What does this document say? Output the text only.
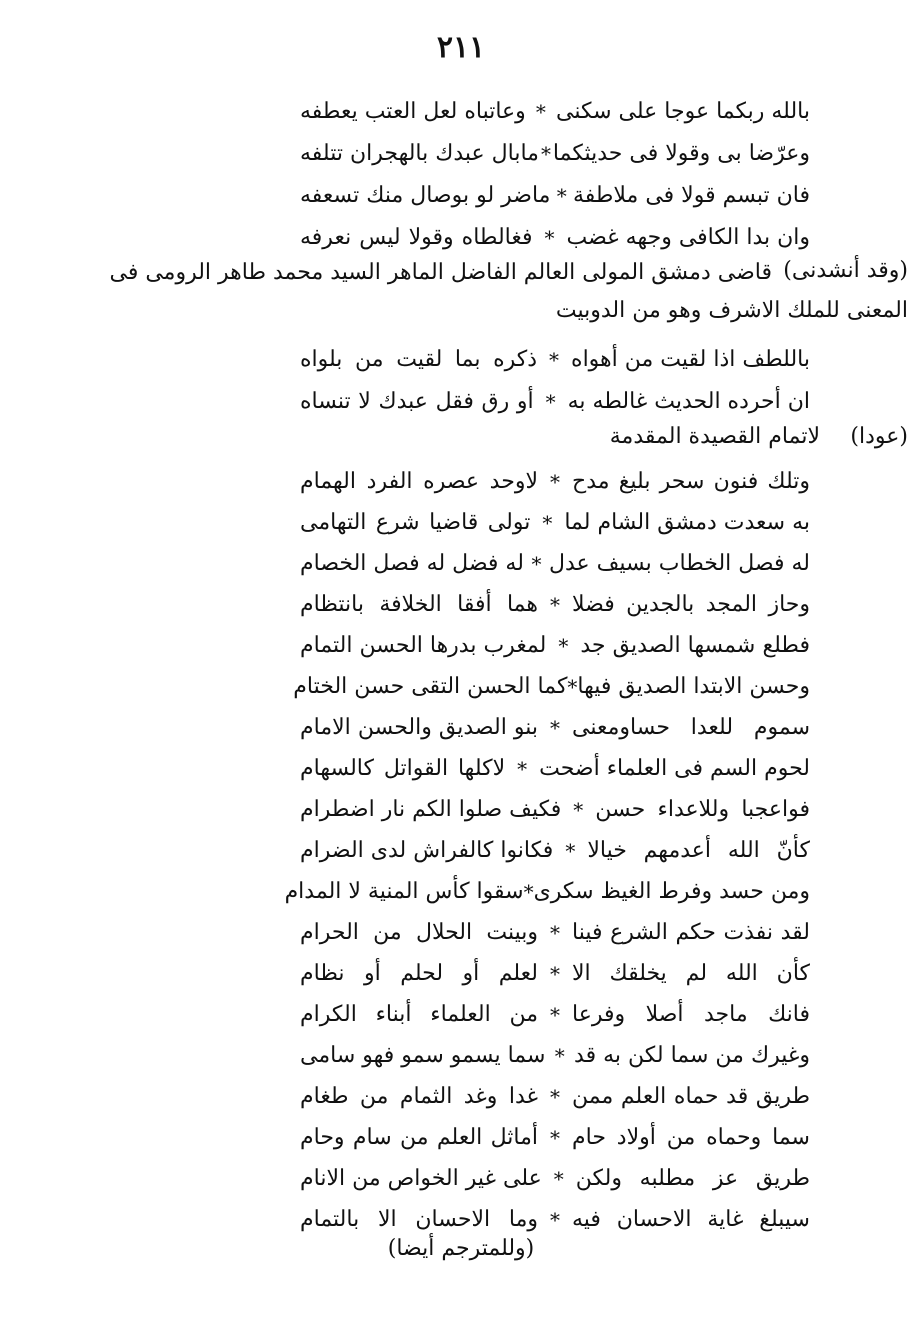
٢١١
بالله ربكما عوجا على سكنى
*
وعاتباه لعل العتب يعطفه
وعرّضا بى وقولا فى حديثكما
*
مابال عبدك بالهجران تتلفه
فان تبسم قولا فى ملاطفة
*
ماضر لو بوصال منك تسعفه
وان بدا الكافى وجهه غضب
*
فغالطاه وقولا ليس نعرفه
(وقد أنشدنى)
قاضى دمشق المولى العالم الفاضل الماهر السيد محمد طاهر الرومى فى
المعنى للملك الاشرف وهو من الدوبيت
باللطف اذا لقيت من أهواه
*
ذكره بما لقيت من بلواه
ان أحرده الحديث غالطه به
*
أو رق فقل عبدك لا تنساه
(عودا)
لاتمام القصيدة المقدمة
وتلك فنون سحر بليغ مدح
*
لاوحد عصره الفرد الهمام
به سعدت دمشق الشام لما
*
تولى قاضيا شرع التهامى
له فصل الخطاب بسيف عدل
*
له فضل له فصل الخصام
وحاز المجد بالجدين فضلا
*
هما أفقا الخلافة بانتظام
فطلع شمسها الصديق جد
*
لمغرب بدرها الحسن التمام
وحسن الابتدا الصديق فيها
*
كما الحسن التقى حسن الختام
سموم للعدا حساومعنى
*
بنو الصديق والحسن الامام
لحوم السم فى العلماء أضحت
*
لاكلها القواتل كالسهام
فواعجبا وللاعداء حسن
*
فكيف صلوا الكم نار اضطرام
كأنّ الله أعدمهم خيالا
*
فكانوا كالفراش لدى الضرام
ومن حسد وفرط الغيظ سكرى
*
سقوا كأس المنية لا المدام
لقد نفذت حكم الشرع فينا
*
وبينت الحلال من الحرام
كأن الله لم يخلقك الا
*
لعلم أو لحلم أو نظام
فانك ماجد أصلا وفرعا
*
من العلماء أبناء الكرام
وغيرك من سما لكن به قد
*
سما يسمو سمو فهو سامى
طريق قد حماه العلم ممن
*
غدا وغد الثمام من طغام
سما وحماه من أولاد حام
*
أماثل العلم من سام وحام
طريق عز مطلبه ولكن
*
على غير الخواص من الانام
سيبلغ غاية الاحسان فيه
*
وما الاحسان الا بالتمام
(وللمترجم أيضا)
